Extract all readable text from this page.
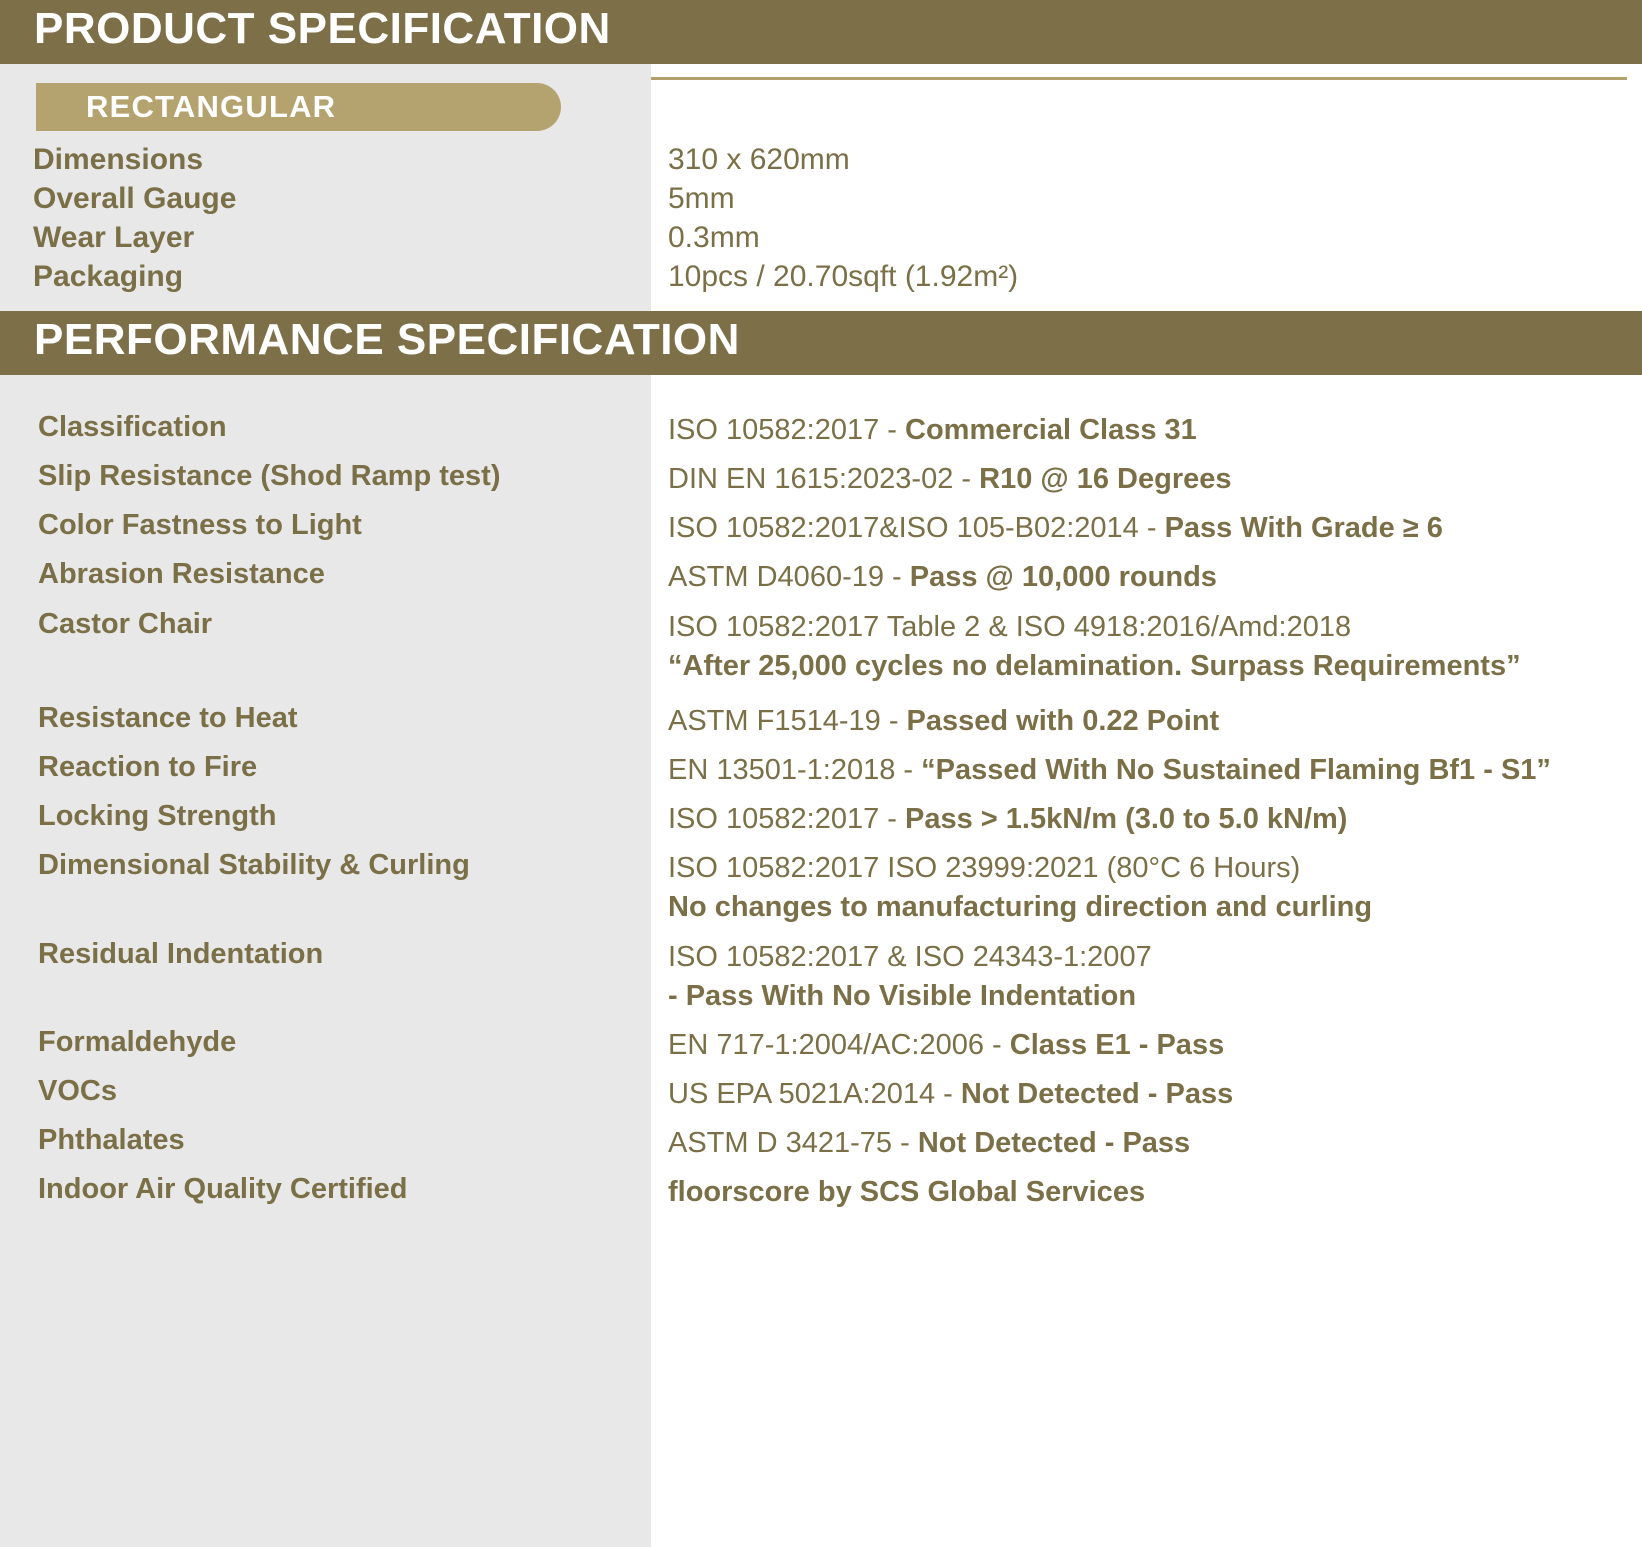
PRODUCT SPECIFICATION
RECTANGULAR
Dimensions	310 x 620mm
Overall Gauge	5mm
Wear Layer	0.3mm
Packaging	10pcs / 20.70sqft (1.92m²)
PERFORMANCE SPECIFICATION
Classification	ISO 10582:2017 - Commercial Class 31
Slip Resistance (Shod Ramp test)	DIN EN 1615:2023-02 - R10 @ 16 Degrees
Color Fastness to Light	ISO 10582:2017&ISO 105-B02:2014 - Pass With Grade ≥ 6
Abrasion Resistance	ASTM D4060-19 - Pass @ 10,000 rounds
Castor Chair	ISO 10582:2017 Table 2 & ISO 4918:2016/Amd:2018
“After 25,000 cycles no delamination. Surpass Requirements”
Resistance to Heat	ASTM F1514-19 - Passed with 0.22 Point
Reaction to Fire	EN 13501-1:2018 - “Passed With No Sustained Flaming Bf1 - S1”
Locking Strength	ISO 10582:2017 - Pass > 1.5kN/m (3.0 to 5.0 kN/m)
Dimensional Stability & Curling	ISO 10582:2017 ISO 23999:2021 (80°C 6 Hours)
No changes to manufacturing direction and curling
Residual Indentation	ISO 10582:2017 & ISO 24343-1:2007
- Pass With No Visible Indentation
Formaldehyde	EN 717-1:2004/AC:2006 - Class E1 - Pass
VOCs	US EPA 5021A:2014 - Not Detected - Pass
Phthalates	ASTM D 3421-75 - Not Detected - Pass
Indoor Air Quality Certified	floorscore by SCS Global Services
